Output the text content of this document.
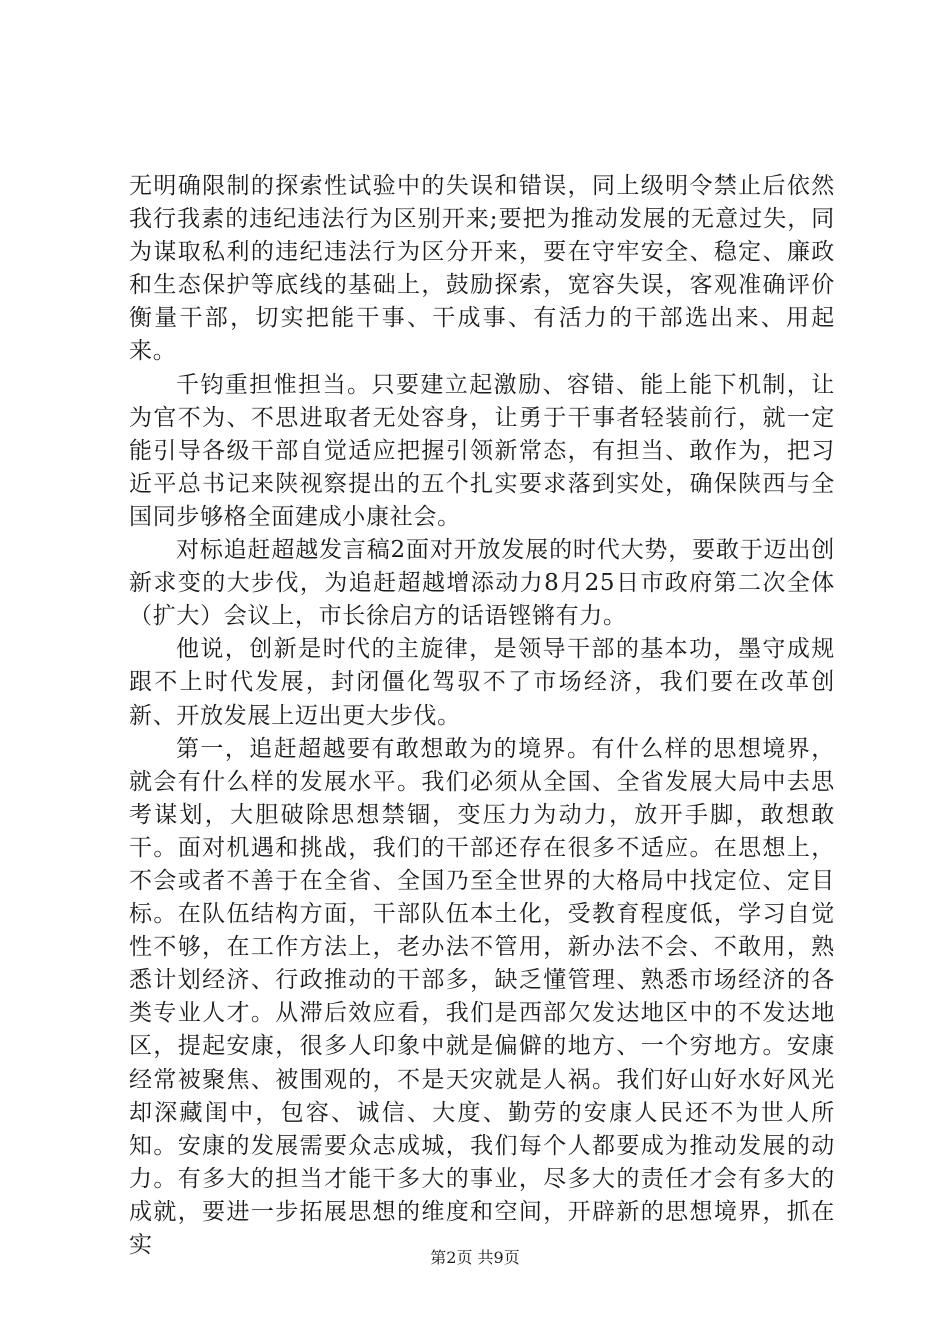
无明确限制的探索性试验中的失误和错误，同上级明令禁止后依然我行我素的违纪违法行为区别开来;要把为推动发展的无意过失，同为谋取私利的违纪违法行为区分开来，要在守牢安全、稳定、廉政和生态保护等底线的基础上，鼓励探索，宽容失误，客观准确评价衡量干部，切实把能干事、干成事、有活力的干部选出来、用起来。

千钧重担惟担当。只要建立起激励、容错、能上能下机制，让为官不为、不思进取者无处容身，让勇于干事者轻装前行，就一定能引导各级干部自觉适应把握引领新常态，有担当、敢作为，把习近平总书记来陕视察提出的五个扎实要求落到实处，确保陕西与全国同步够格全面建成小康社会。

对标追赶超越发言稿2面对开放发展的时代大势，要敢于迈出创新求变的大步伐，为追赶超越增添动力8月25日市政府第二次全体（扩大）会议上，市长徐启方的话语铿锵有力。

他说，创新是时代的主旋律，是领导干部的基本功，墨守成规跟不上时代发展，封闭僵化驾驭不了市场经济，我们要在改革创新、开放发展上迈出更大步伐。

第一，追赶超越要有敢想敢为的境界。有什么样的思想境界，就会有什么样的发展水平。我们必须从全国、全省发展大局中去思考谋划，大胆破除思想禁锢，变压力为动力，放开手脚，敢想敢干。面对机遇和挑战，我们的干部还存在很多不适应。在思想上，不会或者不善于在全省、全国乃至全世界的大格局中找定位、定目标。在队伍结构方面，干部队伍本土化，受教育程度低，学习自觉性不够，在工作方法上，老办法不管用，新办法不会、不敢用，熟悉计划经济、行政推动的干部多，缺乏懂管理、熟悉市场经济的各类专业人才。从滞后效应看，我们是西部欠发达地区中的不发达地区，提起安康，很多人印象中就是偏僻的地方、一个穷地方。安康经常被聚焦、被围观的，不是天灾就是人祸。我们好山好水好风光却深藏闺中，包容、诚信、大度、勤劳的安康人民还不为世人所知。安康的发展需要众志成城，我们每个人都要成为推动发展的动力。有多大的担当才能干多大的事业，尽多大的责任才会有多大的成就，要进一步拓展思想的维度和空间，开辟新的思想境界，抓在实	第2页 共9页
